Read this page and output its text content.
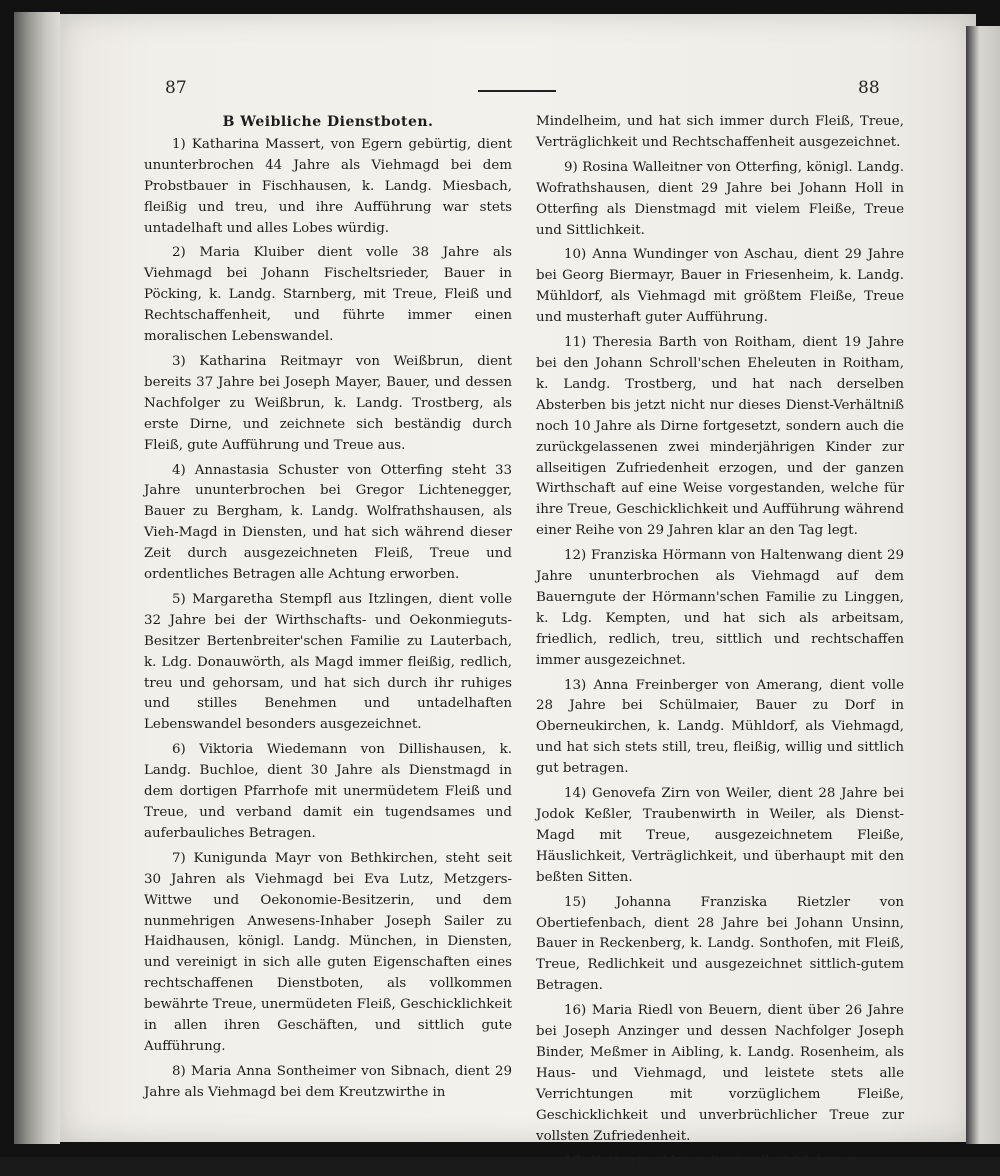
87	88
B Weibliche Dienstboten.

1) Katharina Massert, von Egern gebürtig, dient ununterbrochen 44 Jahre als Viehmagd bei dem Probstbauer in Fischhausen, k. Landg. Miesbach, fleißig und treu, und ihre Aufführung war stets untadelhaft und alles Lobes würdig.

2) Maria Kluiber dient volle 38 Jahre als Viehmagd bei Johann Fischeltsrieder, Bauer in Pöcking, k. Landg. Starnberg, mit Treue, Fleiß und Rechtschaffenheit, und führte immer einen moralischen Lebenswandel.

3) Katharina Reitmayr von Weißbrun, dient bereits 37 Jahre bei Joseph Mayer, Bauer, und dessen Nachfolger zu Weißbrun, k. Landg. Trostberg, als erste Dirne, und zeichnete sich beständig durch Fleiß, gute Aufführung und Treue aus.

4) Annastasia Schuster von Otterfing steht 33 Jahre ununterbrochen bei Gregor Lichtenegger, Bauer zu Bergham, k. Landg. Wolfrathshausen, als Vieh-Magd in Diensten, und hat sich während dieser Zeit durch ausgezeichneten Fleiß, Treue und ordentliches Betragen alle Achtung erworben.

5) Margaretha Stempfl aus Itzlingen, dient volle 32 Jahre bei der Wirthschafts- und Oekonmieguts-Besitzer Bertenbreiter'schen Familie zu Lauterbach, k. Ldg. Donauwörth, als Magd immer fleißig, redlich, treu und gehorsam, und hat sich durch ihr ruhiges und stilles Benehmen und untadelhaften Lebenswandel besonders ausgezeichnet.

6) Viktoria Wiedemann von Dillishausen, k. Landg. Buchloe, dient 30 Jahre als Dienstmagd in dem dortigen Pfarrhofe mit unermüdetem Fleiß und Treue, und verband damit ein tugendsames und auferbauliches Betragen.

7) Kunigunda Mayr von Bethkirchen, steht seit 30 Jahren als Viehmagd bei Eva Lutz, Metzgers-Wittwe und Oekonomie-Besitzerin, und dem nunmehrigen Anwesens-Inhaber Joseph Sailer zu Haidhausen, königl. Landg. München, in Diensten, und vereinigt in sich alle guten Eigenschaften eines rechtschaffenen Dienstboten, als vollkommen bewährte Treue, unermüdeten Fleiß, Geschicklichkeit in allen ihren Geschäften, und sittlich gute Aufführung.

8) Maria Anna Sontheimer von Sibnach, dient 29 Jahre als Viehmagd bei dem Kreutzwirthe in

Mindelheim, und hat sich immer durch Fleiß, Treue, Verträglichkeit und Rechtschaffenheit ausgezeichnet.

9) Rosina Walleitner von Otterfing, königl. Landg. Wofrathshausen, dient 29 Jahre bei Johann Holl in Otterfing als Dienstmagd mit vielem Fleiße, Treue und Sittlichkeit.

10) Anna Wundinger von Aschau, dient 29 Jahre bei Georg Biermayr, Bauer in Friesenheim, k. Landg. Mühldorf, als Viehmagd mit größtem Fleiße, Treue und musterhaft guter Aufführung.

11) Theresia Barth von Roitham, dient 19 Jahre bei den Johann Schroll'schen Eheleuten in Roitham, k. Landg. Trostberg, und hat nach derselben Absterben bis jetzt nicht nur dieses Dienst-Verhältniß noch 10 Jahre als Dirne fortgesetzt, sondern auch die zurückgelassenen zwei minderjährigen Kinder zur allseitigen Zufriedenheit erzogen, und der ganzen Wirthschaft auf eine Weise vorgestanden, welche für ihre Treue, Geschicklichkeit und Aufführung während einer Reihe von 29 Jahren klar an den Tag legt.

12) Franziska Hörmann von Haltenwang dient 29 Jahre ununterbrochen als Viehmagd auf dem Bauerngute der Hörmann'schen Familie zu Linggen, k. Ldg. Kempten, und hat sich als arbeitsam, friedlich, redlich, treu, sittlich und rechtschaffen immer ausgezeichnet.

13) Anna Freinberger von Amerang, dient volle 28 Jahre bei Schülmaier, Bauer zu Dorf in Oberneukirchen, k. Landg. Mühldorf, als Viehmagd, und hat sich stets still, treu, fleißig, willig und sittlich gut betragen.

14) Genovefa Zirn von Weiler, dient 28 Jahre bei Jodok Keßler, Traubenwirth in Weiler, als Dienst-Magd mit Treue, ausgezeichnetem Fleiße, Häuslichkeit, Verträglichkeit, und überhaupt mit den beßten Sitten.

15) Johanna Franziska Rietzler von Obertiefenbach, dient 28 Jahre bei Johann Unsinn, Bauer in Reckenberg, k. Landg. Sonthofen, mit Fleiß, Treue, Redlichkeit und ausgezeichnet sittlich-gutem Betragen.

16) Maria Riedl von Beuern, dient über 26 Jahre bei Joseph Anzinger und dessen Nachfolger Joseph Binder, Meßmer in Aibling, k. Landg. Rosenheim, als Haus- und Viehmagd, und leistete stets alle Verrichtungen mit vorzüglichem Fleiße, Geschicklichkeit und unverbrüchlicher Treue zur vollsten Zufriedenheit.

17) Katharina Maier dient volle 26 Jahre un-
